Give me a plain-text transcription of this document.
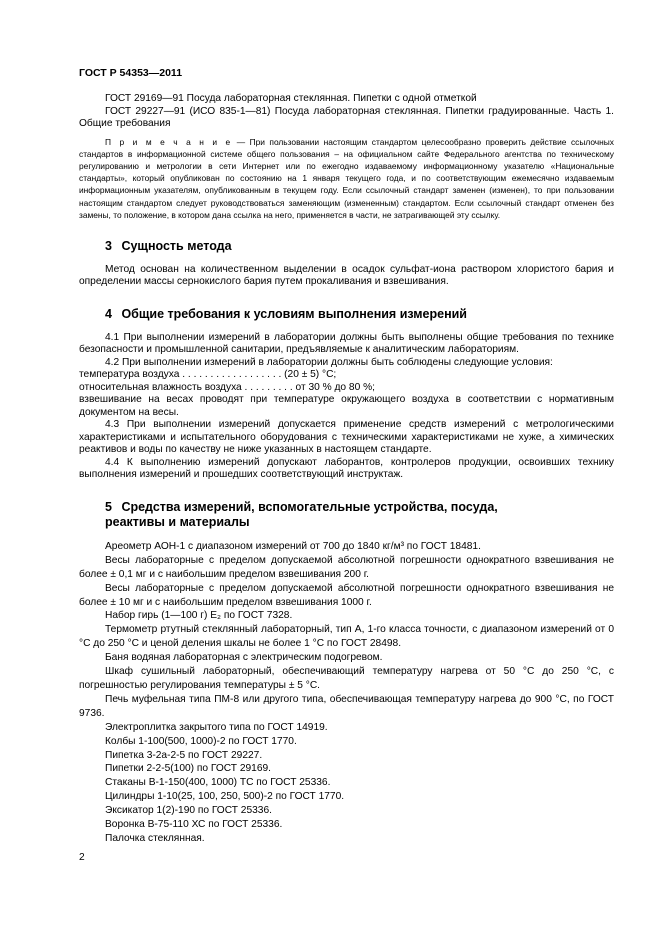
ГОСТ Р 54353—2011

ГОСТ 29169—91 Посуда лабораторная стеклянная. Пипетки с одной отметкой

ГОСТ 29227—91 (ИСО 835-1—81) Посуда лабораторная стеклянная. Пипетки градуированные. Часть 1. Общие требования

П р и м е ч а н и е — При пользовании настоящим стандартом целесообразно проверить действие ссылочных стандартов в информационной системе общего пользования – на официальном сайте Федерального агентства по техническому регулированию и метрологии в сети Интернет или по ежегодно издаваемому информационному указателю «Национальные стандарты», который опубликован по состоянию на 1 января текущего года, и по соответствующим ежемесячно издаваемым информационным указателям, опубликованным в текущем году. Если ссылочный стандарт заменен (изменен), то при пользовании настоящим стандартом следует руководствоваться заменяющим (измененным) стандартом. Если ссылочный стандарт отменен без замены, то положение, в котором дана ссылка на него, применяется в части, не затрагивающей эту ссылку.

3 Сущность метода

Метод основан на количественном выделении в осадок сульфат-иона раствором хлористого бария и определении массы сернокислого бария путем прокаливания и взвешивания.

4 Общие требования к условиям выполнения измерений

4.1 При выполнении измерений в лаборатории должны быть выполнены общие требования по технике безопасности и промышленной санитарии, предъявляемые к аналитическим лабораториям.

4.2 При выполнении измерений в лаборатории должны быть соблюдены следующие условия:

температура воздуха . . . . . . . . . . . . . . . . . . (20 ± 5) °С;

относительная влажность воздуха . . . . . . . . . от 30 % до 80 %;

взвешивание на весах проводят при температуре окружающего воздуха в соответствии с нормативным документом на весы.

4.3 При выполнении измерений допускается применение средств измерений с метрологическими характеристиками и испытательного оборудования с техническими характеристиками не хуже, а химических реактивов и воды по качеству не ниже указанных в настоящем стандарте.

4.4 К выполнению измерений допускают лаборантов, контролеров продукции, освоивших технику выполнения измерений и прошедших соответствующий инструктаж.

5 Средства измерений, вспомогательные устройства, посуда,
реактивы и материалы

Ареометр АОН-1 с диапазоном измерений от 700 до 1840 кг/м³ по ГОСТ 18481.

Весы лабораторные с пределом допускаемой абсолютной погрешности однократного взвешивания не более ± 0,1 мг и с наибольшим пределом взвешивания 200 г.

Весы лабораторные с пределом допускаемой абсолютной погрешности однократного взвешивания не более ± 10 мг и с наибольшим пределом взвешивания 1000 г.

Набор гирь (1—100 г) Е₂ по ГОСТ 7328.

Термометр ртутный стеклянный лабораторный, тип А, 1-го класса точности, с диапазоном измерений от 0 °С до 250 °С и ценой деления шкалы не более 1 °С по ГОСТ 28498.

Баня водяная лабораторная с электрическим подогревом.

Шкаф сушильный лабораторный, обеспечивающий температуру нагрева от 50 °С до 250 °С, с погрешностью регулирования температуры ± 5 °С.

Печь муфельная типа ПМ-8 или другого типа, обеспечивающая температуру нагрева до 900 °С, по ГОСТ 9736.

Электроплитка закрытого типа по ГОСТ 14919.

Колбы 1-100(500, 1000)-2 по ГОСТ 1770.

Пипетка 3-2а-2-5 по ГОСТ 29227.

Пипетки 2-2-5(100) по ГОСТ 29169.

Стаканы В-1-150(400, 1000) ТС по ГОСТ 25336.

Цилиндры 1-10(25, 100, 250, 500)-2 по ГОСТ 1770.

Эксикатор 1(2)-190 по ГОСТ 25336.

Воронка В-75-110 ХС по ГОСТ 25336.

Палочка стеклянная.

2
